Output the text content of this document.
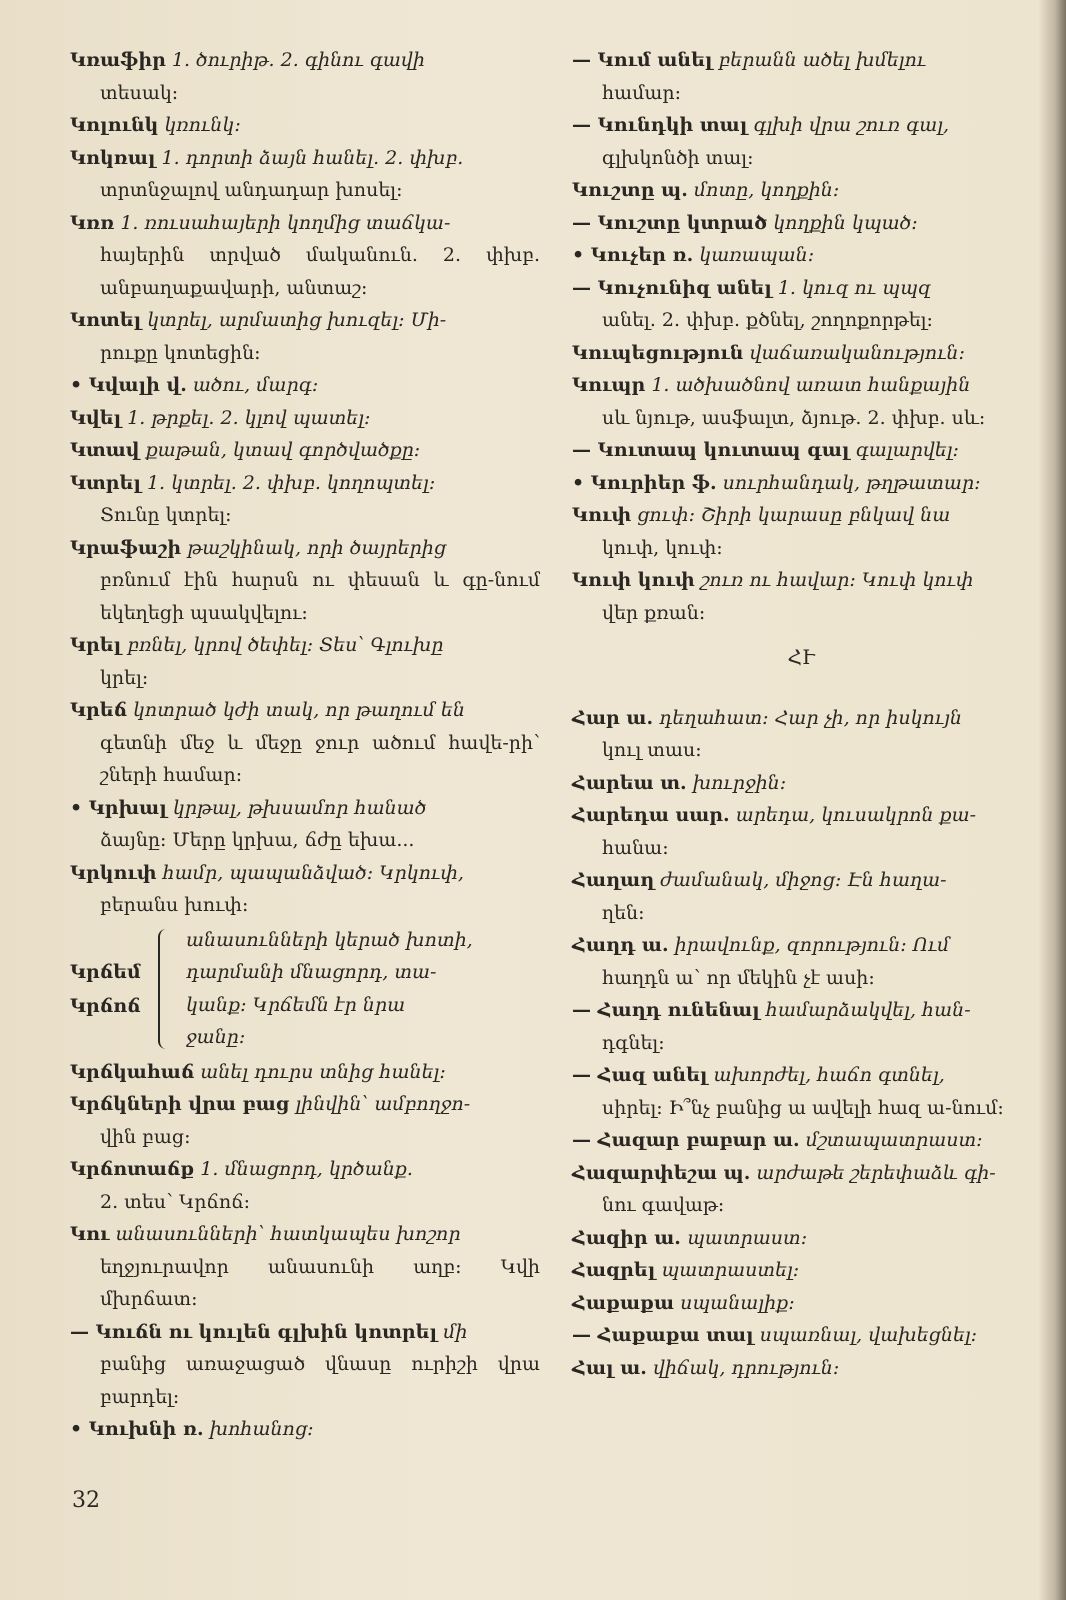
Կռաֆիր 1. ծուրիթ. 2. գինու գավի
տեսակ։

Կոլունկ կռունկ։

Կոկռալ 1. դորտի ձայն հանել. 2. փխբ.
տրտնջալով անդադար խոսել։

Կռռ 1. ռուսահայերի կողմից տաճկա-
հայերին տրված մականուն. 2. փխբ. անբաղաքավարի, անտաշ։

Կոտել կտրել, արմատից խուզել։ Մի-
րուքը կոտեցին։

• Կվալի վ. ածու, մարգ։

Կվել 1. թրքել. 2. կլով պատել։

Կտավ քաթան, կտավ գործվածքը։

Կտրել 1. կտրել. 2. փխբ. կողոպտել։
Տունը կտրել։

Կրաֆաշի թաշկինակ, որի ծայրերից
բռնում էին հարսն ու փեսան և գը-նում եկեղեցի պսակվելու։

Կրել բռնել, կրով ծեփել։ Տես՝ Գլուխը
կրել։

Կրեճ կոտրած կժի տակ, որ թաղում են
գետնի մեջ և մեջը ջուր ածում հավե-րի՝ շների համար։

• Կրխալ կրթալ, թխսամոր հանած
ձայնը։ Մերը կրխա, ճժը եխա...

Կրկուփ համր, պապանձված։ Կրկուփ,
բերանս խուփ։

Կրճեմ
Կրճոճ
անասունների կերած խոտի,
դարմանի մնացորդ, տա-
կանք։ Կրճեմն էր նրա
ջանը։

Կրճկահաճ անել դուրս տնից հանել։

Կրճկների վրա բաց լինվին՝ ամբողջո-
վին բաց։

Կրճոտաճք 1. մնացորդ, կրծանք.
2. տես՝ Կրճոճ։

Կու անասունների՝ հատկապես խոշոր
եղջյուրավոր անասունի աղբ։ Կվի մխրճատ։

— Կուճն ու կուլեն գլխին կոտրել մի
բանից առաջացած վնասը ուրիշի վրա բարդել։

• Կուխնի ռ. խոհանոց։

— Կում անել բերանն ածել խմելու
համար։

— Կունդկի տալ գլխի վրա շուռ գալ,
գլխկոնծի տալ։

Կուշտը պ. մոտը, կողքին։

— Կուշտը կտրած կողքին կպած։

• Կուչեր ռ. կառապան։

— Կուչունիզ անել 1. կուզ ու պպզ
անել. 2. փխբ. քծնել, շողոքորթել։

Կուպեցություն վաճառականություն։

Կուպր 1. ածխածնով առատ հանքային
սև նյութ, ասֆալտ, ձյութ. 2. փխբ. սև։

— Կուտապ կուտապ գալ գալարվել։

• Կուրիեր ֆ. սուրհանդակ, թղթատար։

Կուփ ցուփ։ Շիրի կարասը բնկավ նա
կուփ, կուփ։

Կուփ կուփ շուռ ու հավար։ Կուփ կուփ
վեր քռան։

ՀՒ

Հար ա. դեղահատ։ Հար չի, որ իսկույն
կուլ տաս։

Հարեա տ. խուրջին։

Հարեդա սար. արեդա, կուսակրոն քա-
հանա։

Հաղաղ ժամանակ, միջոց։ Էն հաղա-
ղեն։

Հաղդ ա. իրավունք, զորություն։ Ում
հաղդն ա՝ որ մեկին չէ ասի։

— Հաղդ ունենալ համարձակվել, հան-
դգնել։

— Հազ անել ախորժել, հաճո գտնել,
սիրել։ Ի՞նչ բանից ա ավելի հազ ա-նում։

— Հազար բաբար ա. մշտապատրաստ։

Հազարփեշա պ. արժաթե շերեփաձև գի-
նու գավաթ։

Հազիր ա. պատրաստ։

Հազրել պատրաստել։

Հաքաքա սպանալիք։

— Հաքաքա տալ սպառնալ, վախեցնել։

Հալ ա. վիճակ, դրություն։

32
